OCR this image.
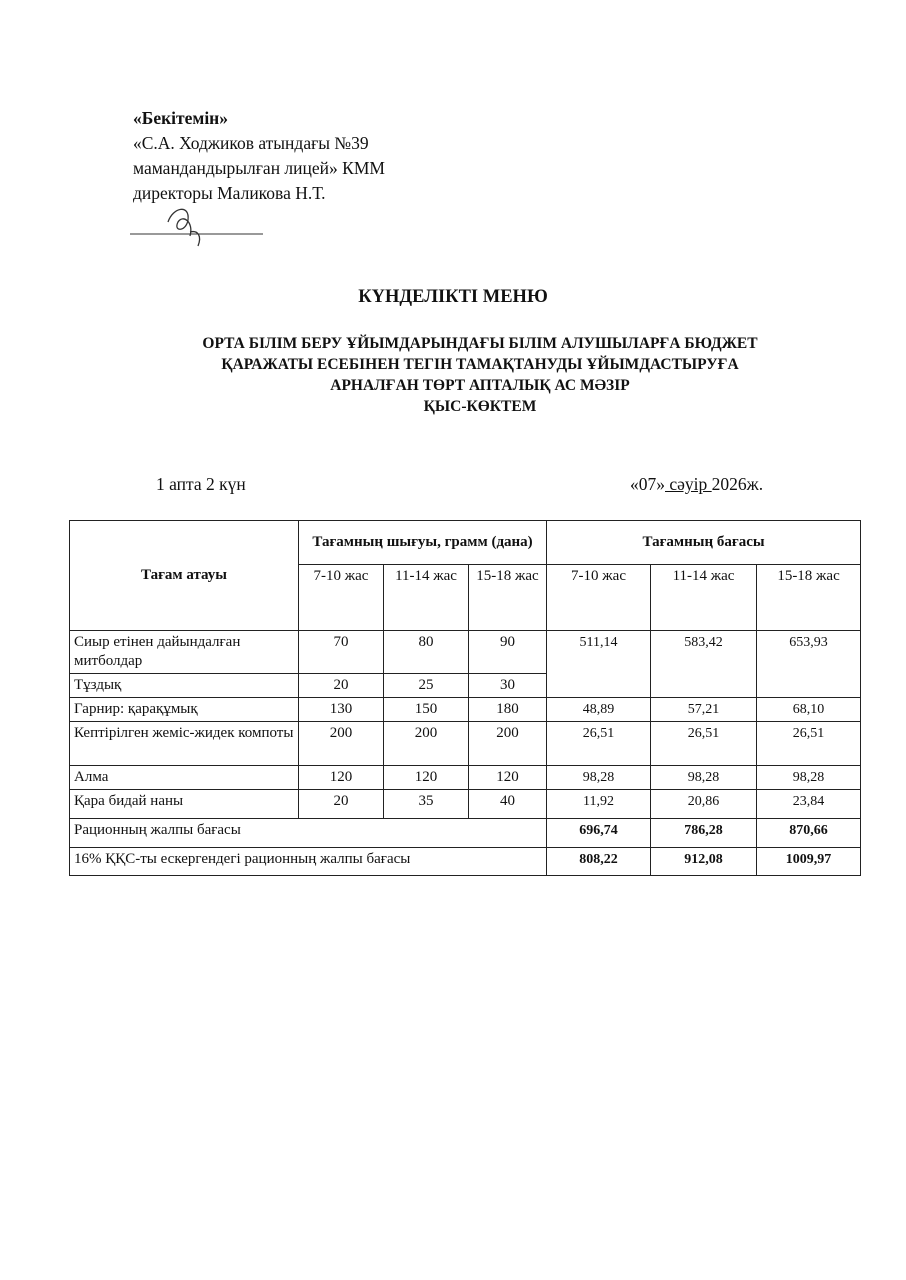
«Бекітемін»
«С.А. Ходжиков атындағы №39
мамандандырылған лицей» КММ
директоры Маликова Н.Т.
КҮНДЕЛІКТІ МЕНЮ
ОРТА БІЛІМ БЕРУ ҰЙЫМДАРЫНДАҒЫ БІЛІМ АЛУШЫЛАРҒА БЮДЖЕТ
ҚАРАЖАТЫ ЕСЕБІНЕН ТЕГІН ТАМАҚТАНУДЫ ҰЙЫМДАСТЫРУҒА
АРНАЛҒАН ТӨРТ АПТАЛЫҚ АС МӘЗІР
ҚЫС-КӨКТЕМ
1 апта 2 күн	«07» сәуір 2026ж.
Тағам атауы	Тағамның шығуы, грамм (дана)			Тағамның бағасы		
	7-10 жас	11-14 жас	15-18 жас	7-10 жас	11-14 жас	15-18 жас
Сиыр етінен дайындалған митболдар	70	80	90	511,14	583,42	653,93
Тұздық	20	25	30			
Гарнир: қарақұмық	130	150	180	48,89	57,21	68,10
Кептірілген жеміс-жидек компоты	200	200	200	26,51	26,51	26,51
Алма	120	120	120	98,28	98,28	98,28
Қара бидай наны	20	35	40	11,92	20,86	23,84
Рационның жалпы бағасы				696,74	786,28	870,66
16% ҚҚС-ты ескергендегі рационның жалпы бағасы				808,22	912,08	1009,97
